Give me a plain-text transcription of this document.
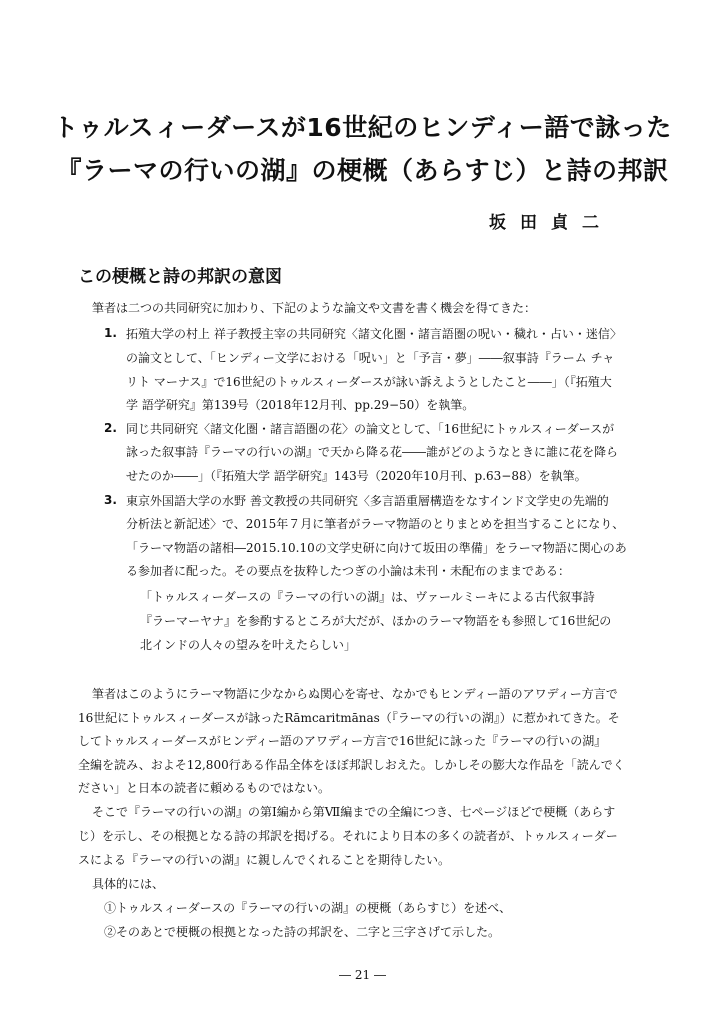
トゥルスィーダースが16世紀のヒンディー語で詠った
『ラーマの行いの湖』の梗概（あらすじ）と詩の邦訳
坂田貞二
この梗概と詩の邦訳の意図
筆者は二つの共同研究に加わり、下記のような論文や文書を書く機会を得てきた：
1. 拓殖大学の村上 祥子教授主宰の共同研究〈諸文化圏・諸言語圏の呪い・穢れ・占い・迷信〉
の論文として、「ヒンディー文学における「呪い」と「予言・夢」――叙事詩『ラーム チャ
リト マーナス』で16世紀のトゥルスィーダースが詠い訴えようとしたこと――」（『拓殖大
学 語学研究』第139号（2018年12月刊、pp.29−50）を執筆。
2. 同じ共同研究〈諸文化圏・諸言語圏の花〉の論文として、「16世紀にトゥルスィーダースが
詠った叙事詩『ラーマの行いの湖』で天から降る花――誰がどのようなときに誰に花を降ら
せたのか――」（『拓殖大学 語学研究』143号（2020年10月刊、p.63−88）を執筆。
3. 東京外国語大学の水野 善文教授の共同研究〈多言語重層構造をなすインド文学史の先端的
分析法と新記述〉で、2015年７月に筆者がラーマ物語のとりまとめを担当することになり、
「ラーマ物語の諸相―2015.10.10の文学史研に向けて坂田の準備」をラーマ物語に関心のあ
る参加者に配った。その要点を抜粋したつぎの小論は未刊・未配布のままである：
「トゥルスィーダースの『ラーマの行いの湖』は、ヴァールミーキによる古代叙事詩
『ラーマーヤナ』を参酌するところが大だが、ほかのラーマ物語をも参照して16世紀の
北インドの人々の望みを叶えたらしい」
筆者はこのようにラーマ物語に少なからぬ関心を寄せ、なかでもヒンディー語のアワディー方言で
16世紀にトゥルスィーダースが詠ったRāmcaritmānas（『ラーマの行いの湖』）に惹かれてきた。そ
してトゥルスィーダースがヒンディー語のアワディー方言で16世紀に詠った『ラーマの行いの湖』
全編を読み、およそ12,800行ある作品全体をほぼ邦訳しおえた。しかしその膨大な作品を「読んでく
ださい」と日本の読者に頼めるものではない。
そこで『ラーマの行いの湖』の第Ⅰ編から第Ⅶ編までの全編につき、七ページほどで梗概（あらす
じ）を示し、その根拠となる詩の邦訳を掲げる。それにより日本の多くの読者が、トゥルスィーダー
スによる『ラーマの行いの湖』に親しんでくれることを期待したい。
具体的には、
①トゥルスィーダースの『ラーマの行いの湖』の梗概（あらすじ）を述べ、
②そのあとで梗概の根拠となった詩の邦訳を、二字と三字さげて示した。
― 21 ―
